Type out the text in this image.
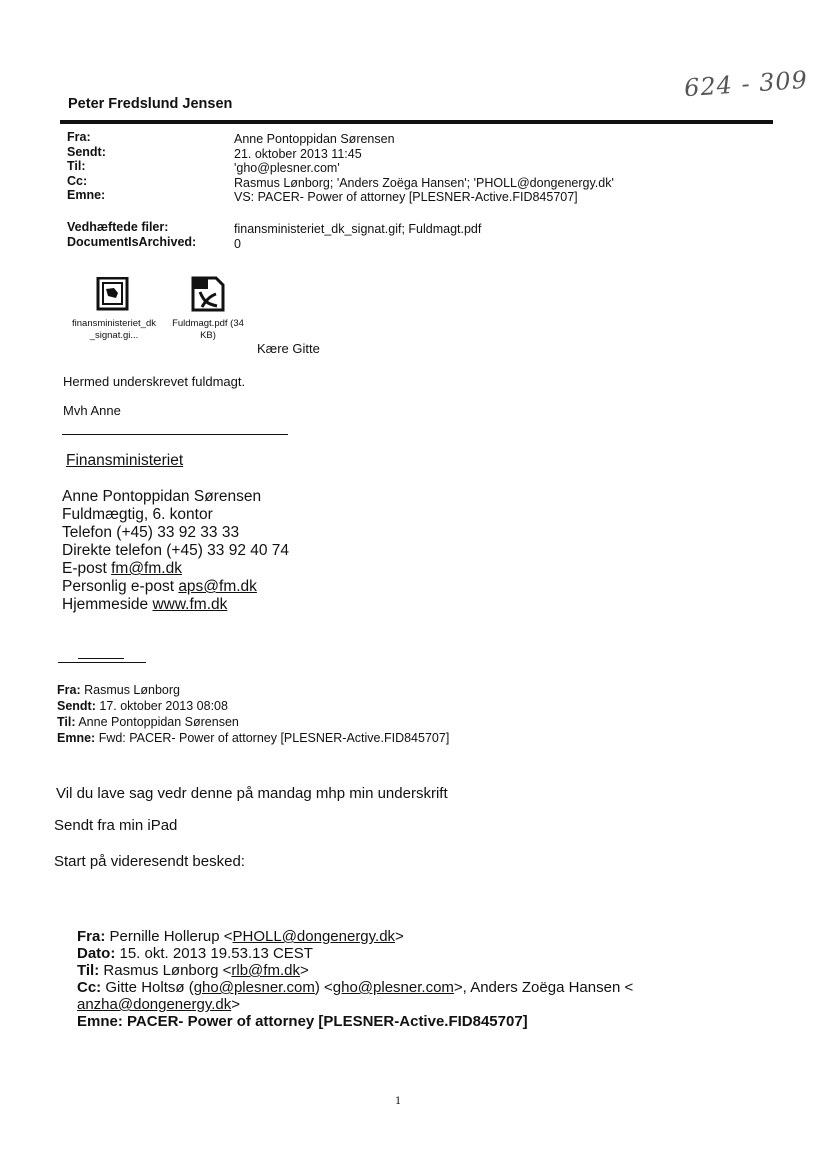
624 - 309
Peter Fredslund Jensen
Fra:
Sendt:
Til:
Cc:
Emne:
Anne Pontoppidan Sørensen
21. oktober 2013 11:45
'gho@plesner.com'
Rasmus Lønborg; 'Anders Zoëga Hansen'; 'PHOLL@dongenergy.dk'
VS: PACER- Power of attorney [PLESNER-Active.FID845707]
Vedhæftede filer:
DocumentIsArchived:
finansministeriet_dk_signat.gif; Fuldmagt.pdf
0
finansministeriet_dk
_signat.gi...
Fuldmagt.pdf (34
KB)
Kære Gitte
Hermed underskrevet fuldmagt.
Mvh Anne
Finansministeriet
Anne Pontoppidan Sørensen
Fuldmægtig, 6. kontor
Telefon (+45) 33 92 33 33
Direkte telefon (+45) 33 92 40 74
E-post fm@fm.dk
Personlig e-post aps@fm.dk
Hjemmeside www.fm.dk
Fra: Rasmus Lønborg
Sendt: 17. oktober 2013 08:08
Til: Anne Pontoppidan Sørensen
Emne: Fwd: PACER- Power of attorney [PLESNER-Active.FID845707]
Vil du lave sag vedr denne på mandag mhp min underskrift
Sendt fra min iPad
Start på videresendt besked:
Fra: Pernille Hollerup <PHOLL@dongenergy.dk>
Dato: 15. okt. 2013 19.53.13 CEST
Til: Rasmus Lønborg <rlb@fm.dk>
Cc: Gitte Holtsø (gho@plesner.com) <gho@plesner.com>, Anders Zoëga Hansen <
anzha@dongenergy.dk>
Emne: PACER- Power of attorney [PLESNER-Active.FID845707]
1
